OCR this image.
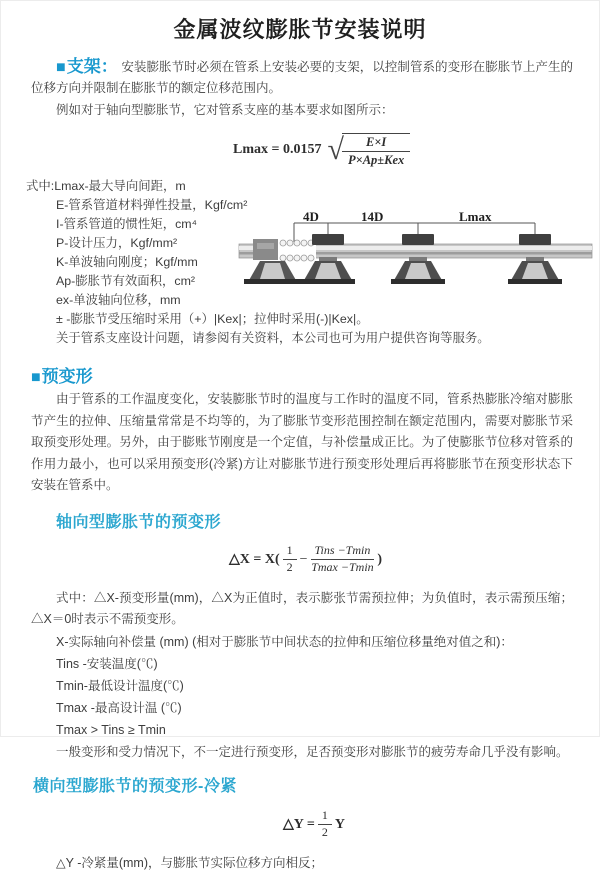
金属波纹膨胀节安装说明
■支架： 安装膨胀节时必须在管系上安装必要的支架，以控制管系的变形在膨胀节上产生的位移方向并限制在膨胀节的额定位移范围内。
例如对于轴向型膨胀节，它对管系支座的基本要求如图所示：
Lmax = 0.0157 √
$\frac{E\times I}{\text{P×Ap±Kex}}$
式中:Lmax-最大导向间距，m
E-管系管道材料弹性投量，Kgf/cm²
I-管系管道的惯性矩，cm⁴
P-设计压力，Kgf/mm²
K-单波轴向刚度；Kgf/mm
Ap-膨胀节有效面积，cm²
ex-单波轴向位移，mm
± -膨胀节受压缩时采用（+）|Kex|；拉伸时采用(-)|Kex|。
关于管系支座设计问题，请参阅有关资料，本公司也可为用户提供咨询等服务。
4D	14D	Lmax
■预变形
由于管系的工作温度变化，安装膨胀节时的温度与工作时的温度不同，管系热膨胀冷缩对膨胀节产生的拉伸、压缩量常常是不均等的，为了膨胀节变形范围控制在额定范围内，需要对膨胀节采取预变形处理。另外，由于膨账节刚度是一个定值，与补偿量成正比。为了使膨胀节位移对管系的作用力最小，也可以采用预变形(冷紧)方让对膨胀节进行预变形处理后再将膨胀节在预变形状态下安装在管系中。
轴向型膨胀节的预变形
△X = $X( \frac{1}{2} - \frac{\text{Tins −Tmin}}{Tmax -Tmin}$ )
式中：△X-预变形量(mm)，△X为正值时，表示膨张节需预拉伸；为负值时，表示需预压缩；△X＝0时表示不需预变形。
X-实际轴向补偿量 (mm) (相对于膨胀节中间状态的拉伸和压缩位移量绝对值之和)：
Tins -安装温度(℃)
Tmin-最低设计温度(℃)
Tmax -最高设计温 (℃)
Tmax > Tins ≥ Tmin
一般变形和受力情况下，不一定进行预变形，足否预变形对膨胀节的疲劳寿命几乎没有影响。
横向型膨胀节的预变形-冷紧
△Y = $\frac{1}{2}$ Y
△Y -冷紧量(mm)，与膨胀节实际位移方向相反；
